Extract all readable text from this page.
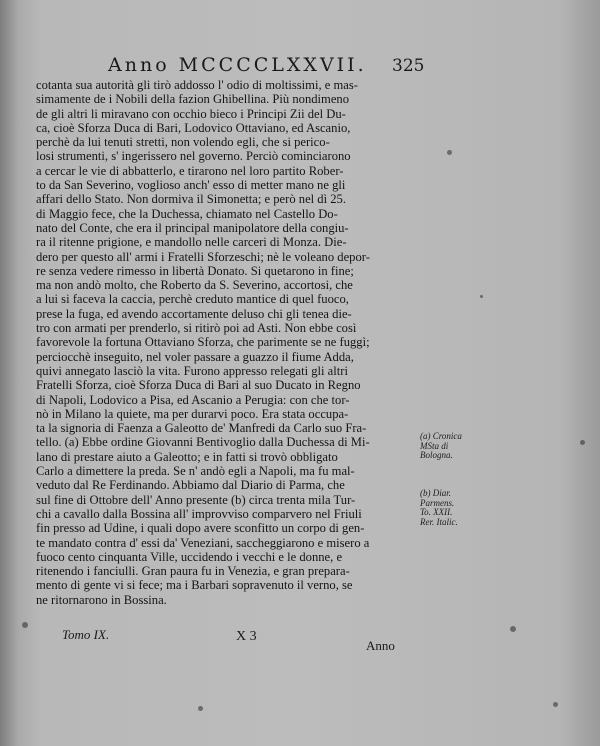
Anno MCCCCLXXVII. 325
cotanta sua autorità gli tirò addosso l' odio di moltissimi, e mas-
simamente de i Nobili della fazion Ghibellina. Più nondimeno
de gli altri li miravano con occhio bieco i Principi Zii del Du-
ca, cioè Sforza Duca di Bari, Lodovico Ottaviano, ed Ascanio,
perchè da lui tenuti stretti, non volendo egli, che si perico-
losi strumenti, s' ingerissero nel governo. Perciò cominciarono
a cercar le vie di abbatterlo, e tirarono nel loro partito Rober-
to da San Severino, voglioso anch' esso di metter mano ne gli
affari dello Stato. Non dormiva il Simonetta; e però nel dì 25.
di Maggio fece, che la Duchessa, chiamato nel Castello Do-
nato del Conte, che era il principal manipolatore della congiu-
ra il ritenne prigione, e mandollo nelle carceri di Monza. Die-
dero per questo all' armi i Fratelli Sforzeschi; nè le voleano depor-
re senza vedere rimesso in libertà Donato. Si quetarono in fine;
ma non andò molto, che Roberto da S. Severino, accortosi, che
a lui si faceva la caccia, perchè creduto mantice di quel fuoco,
prese la fuga, ed avendo accortamente deluso chi gli tenea die-
tro con armati per prenderlo, si ritirò poi ad Asti. Non ebbe così
favorevole la fortuna Ottaviano Sforza, che parimente se ne fuggì;
perciocchè inseguito, nel voler passare a guazzo il fiume Adda,
quivi annegato lasciò la vita. Furono appresso relegati gli altri
Fratelli Sforza, cioè Sforza Duca di Bari al suo Ducato in Regno
di Napoli, Lodovico a Pisa, ed Ascanio a Perugia: con che tor-
nò in Milano la quiete, ma per durarvi poco. Era stata occupa-
ta la signoria di Faenza a Galeotto de' Manfredi da Carlo suo Fra-
tello. (a) Ebbe ordine Giovanni Bentivoglio dalla Duchessa di Mi-
lano di prestare aiuto a Galeotto; e in fatti si trovò obbligato
Carlo a dimettere la preda. Se n' andò egli a Napoli, ma fu mal-
veduto dal Re Ferdinando. Abbiamo dal Diario di Parma, che
sul fine di Ottobre dell' Anno presente (b) circa trenta mila Tur-
chi a cavallo dalla Bossina all' improvviso comparvero nel Friuli
fin presso ad Udine, i quali dopo avere sconfitto un corpo di gen-
te mandato contra d' essi da' Veneziani, saccheggiarono e misero a
fuoco cento cinquanta Ville, uccidendo i vecchi e le donne, e
ritenendo i fanciulli. Gran paura fu in Venezia, e gran prepara-
mento di gente vi si fece; ma i Barbari sopravenuto il verno, se
ne ritornarono in Bossina.
(a) Cronica
MSta di
Bologna.
(b) Diar.
Parmens.
To. XXII.
Rer. Italic.
Tomo IX.	X 3
Anno
